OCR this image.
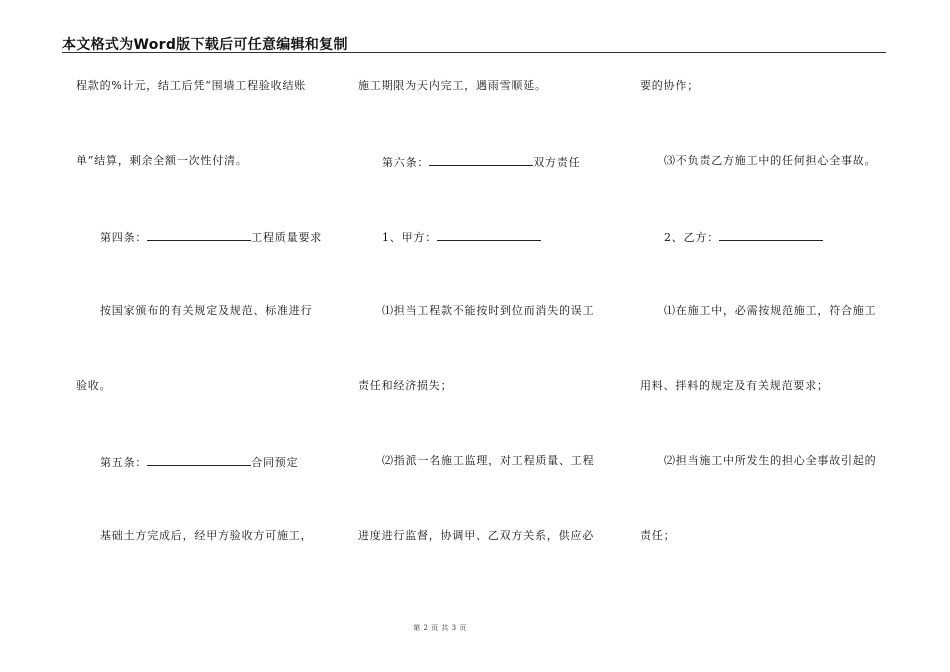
本文格式为Word版下载后可任意编辑和复制
程款的%计元，结工后凭“围墙工程验收结账
单”结算，剩余全额一次性付清。
第四条：	工程质量要求
按国家颁布的有关规定及规范、标准进行
验收。
第五条：	合同预定
基础土方完成后，经甲方验收方可施工，
施工期限为天内完工，遇雨雪顺延。
第六条：	双方责任
1、甲方：
⑴担当工程款不能按时到位而消失的误工
责任和经济损失；
⑵指派一名施工监理，对工程质量、工程
进度进行监督，协调甲、乙双方关系，供应必
要的协作；
⑶不负责乙方施工中的任何担心全事故。
2、乙方：
⑴在施工中，必需按规范施工，符合施工
用料、拌料的规定及有关规范要求；
⑵担当施工中所发生的担心全事故引起的
责任；
第 2 页 共 3 页
